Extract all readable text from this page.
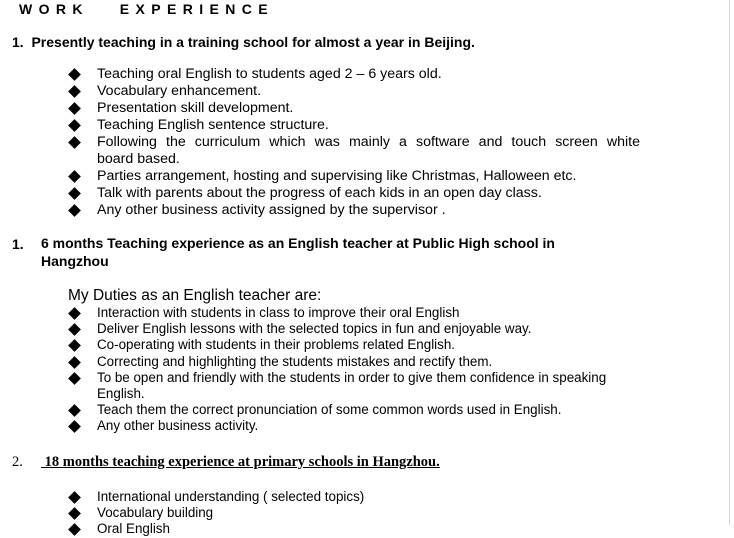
WORK   EXPERIENCE
1. Presently teaching in a training school for almost a year in Beijing.
Teaching oral English to students aged 2 – 6 years old.
Vocabulary enhancement.
Presentation skill development.
Teaching English sentence structure.
Following the curriculum which was mainly a software and touch screen white
board based.
Parties arrangement, hosting and supervising like Christmas, Halloween etc.
Talk with parents about the progress of each kids in an open day class.
Any other business activity assigned by the supervisor .
1. 6 months Teaching experience as an English teacher at Public High school in
Hangzhou
My Duties as an English teacher are:
Interaction with students in class to improve their oral English
Deliver English lessons with the selected topics in fun and enjoyable way.
Co-operating with students in their problems related English.
Correcting and highlighting the students mistakes and rectify them.
To be open and friendly with the students in order to give them confidence in speaking
English.
Teach them the correct pronunciation of some common words used in English.
Any other business activity.
2. 18 months teaching experience at primary schools in Hangzhou.
International understanding ( selected topics)
Vocabulary building
Oral English
